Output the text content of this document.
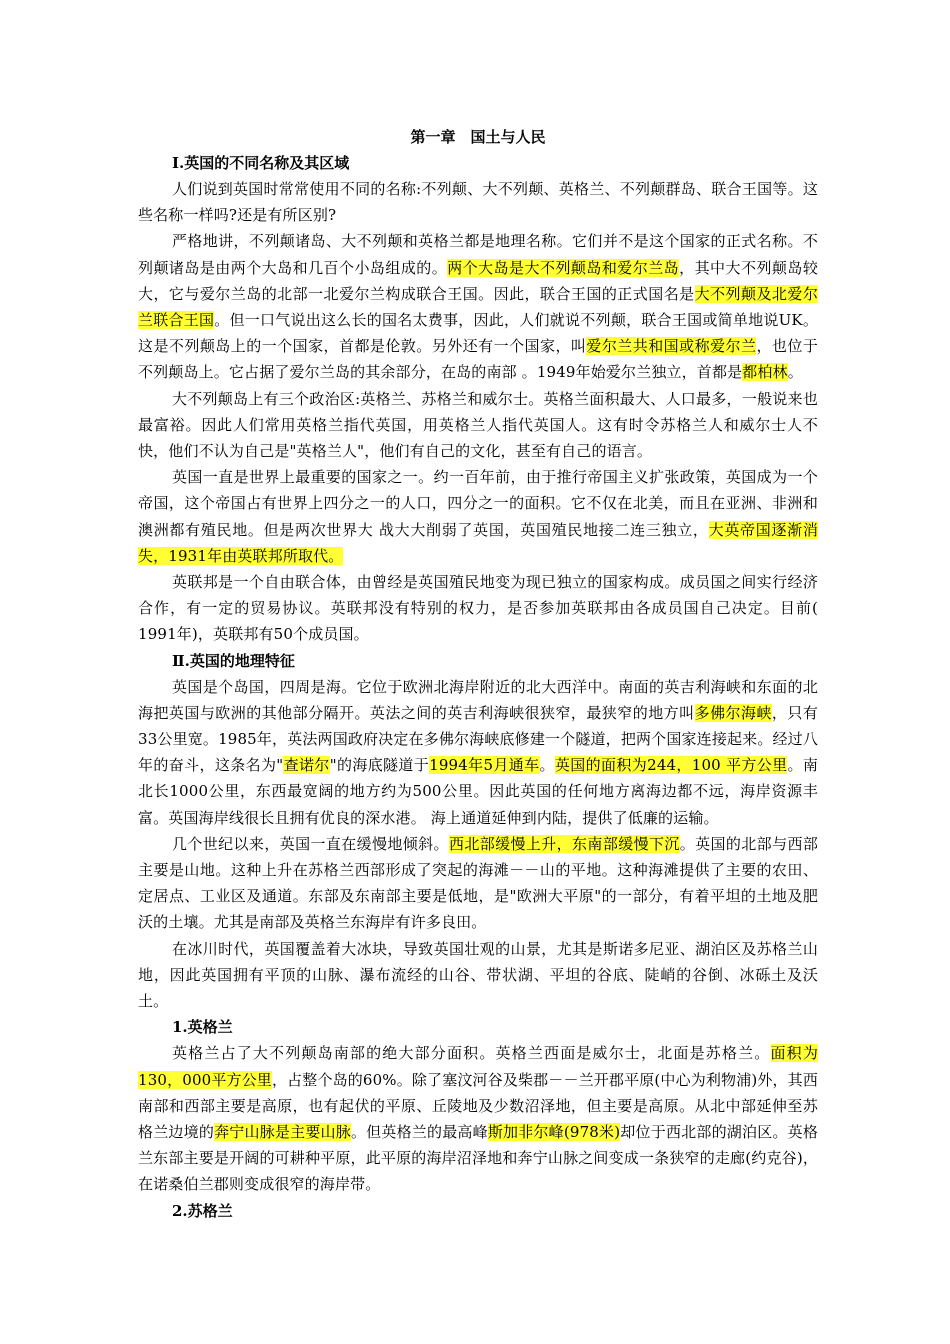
第一章　国土与人民
Ⅰ.英国的不同名称及其区域

人们说到英国时常常使用不同的名称:不列颠、大不列颠、英格兰、不列颠群岛、联合王国等。这些名称一样吗?还是有所区别?

严格地讲，不列颠诸岛、大不列颠和英格兰都是地理名称。它们并不是这个国家的正式名称。不列颠诸岛是由两个大岛和几百个小岛组成的。两个大岛是大不列颠岛和爱尔兰岛，其中大不列颠岛较大，它与爱尔兰岛的北部一北爱尔兰构成联合王国。因此，联合王国的正式国名是大不列颠及北爱尔兰联合王国。但一口气说出这么长的国名太费事，因此，人们就说不列颠，联合王国或简单地说UK。这是不列颠岛上的一个国家，首都是伦敦。另外还有一个国家，叫爱尔兰共和国或称爱尔兰，也位于不列颠岛上。它占据了爱尔兰岛的其余部分，在岛的南部 。1949年始爱尔兰独立，首都是都柏林。

大不列颠岛上有三个政治区:英格兰、苏格兰和威尔士。英格兰面积最大、人口最多，一般说来也最富裕。因此人们常用英格兰指代英国，用英格兰人指代英国人。这有时令苏格兰人和威尔士人不快，他们不认为自己是"英格兰人"，他们有自己的文化，甚至有自己的语言。

英国一直是世界上最重要的国家之一。约一百年前，由于推行帝国主义扩张政策，英国成为一个帝国，这个帝国占有世界上四分之一的人口，四分之一的面积。它不仅在北美，而且在亚洲、非洲和澳洲都有殖民地。但是两次世界大 战大大削弱了英国，英国殖民地接二连三独立，大英帝国逐渐消失，1931年由英联邦所取代。

英联邦是一个自由联合体，由曾经是英国殖民地变为现已独立的国家构成。成员国之间实行经济合作，有一定的贸易协议。英联邦没有特别的权力，是否参加英联邦由各成员国自己决定。目前( 1991年)，英联邦有50个成员国。

Ⅱ.英国的地理特征

英国是个岛国，四周是海。它位于欧洲北海岸附近的北大西洋中。南面的英吉利海峡和东面的北海把英国与欧洲的其他部分隔开。英法之间的英吉利海峡很狭窄，最狭窄的地方叫多佛尔海峡，只有33公里宽。1985年，英法两国政府决定在多佛尔海峡底修建一个隧道，把两个国家连接起来。经过八年的奋斗，这条名为"查诺尔"的海底隧道于1994年5月通车。英国的面积为244，100 平方公里。南北长1000公里，东西最宽阔的地方约为500公里。因此英国的任何地方离海边都不远，海岸资源丰富。英国海岸线很长且拥有优良的深水港。 海上通道延伸到内陆，提供了低廉的运输。

几个世纪以来，英国一直在缓慢地倾斜。西北部缓慢上升，东南部缓慢下沉。英国的北部与西部主要是山地。这种上升在苏格兰西部形成了突起的海滩－－山的平地。这种海滩提供了主要的农田、定居点、工业区及通道。东部及东南部主要是低地，是"欧洲大平原"的一部分，有着平坦的土地及肥沃的土壤。尤其是南部及英格兰东海岸有许多良田。

在冰川时代，英国覆盖着大冰块，导致英国壮观的山景，尤其是斯诺多尼亚、湖泊区及苏格兰山地，因此英国拥有平顶的山脉、瀑布流经的山谷、带状湖、平坦的谷底、陡峭的谷倒、冰砾土及沃土。

1.英格兰

英格兰占了大不列颠岛南部的绝大部分面积。英格兰西面是威尔士，北面是苏格兰。面积为130，000平方公里，占整个岛的60%。除了塞汶河谷及柴郡－－兰开郡平原(中心为利物浦)外，其西南部和西部主要是高原，也有起伏的平原、丘陵地及少数沼泽地，但主要是高原。从北中部延伸至苏格兰边境的奔宁山脉是主要山脉。但英格兰的最高峰斯加非尔峰(978米)却位于西北部的湖泊区。英格兰东部主要是开阔的可耕种平原，此平原的海岸沼泽地和奔宁山脉之间变成一条狭窄的走廊(约克谷)，在诺桑伯兰郡则变成很窄的海岸带。

2.苏格兰
